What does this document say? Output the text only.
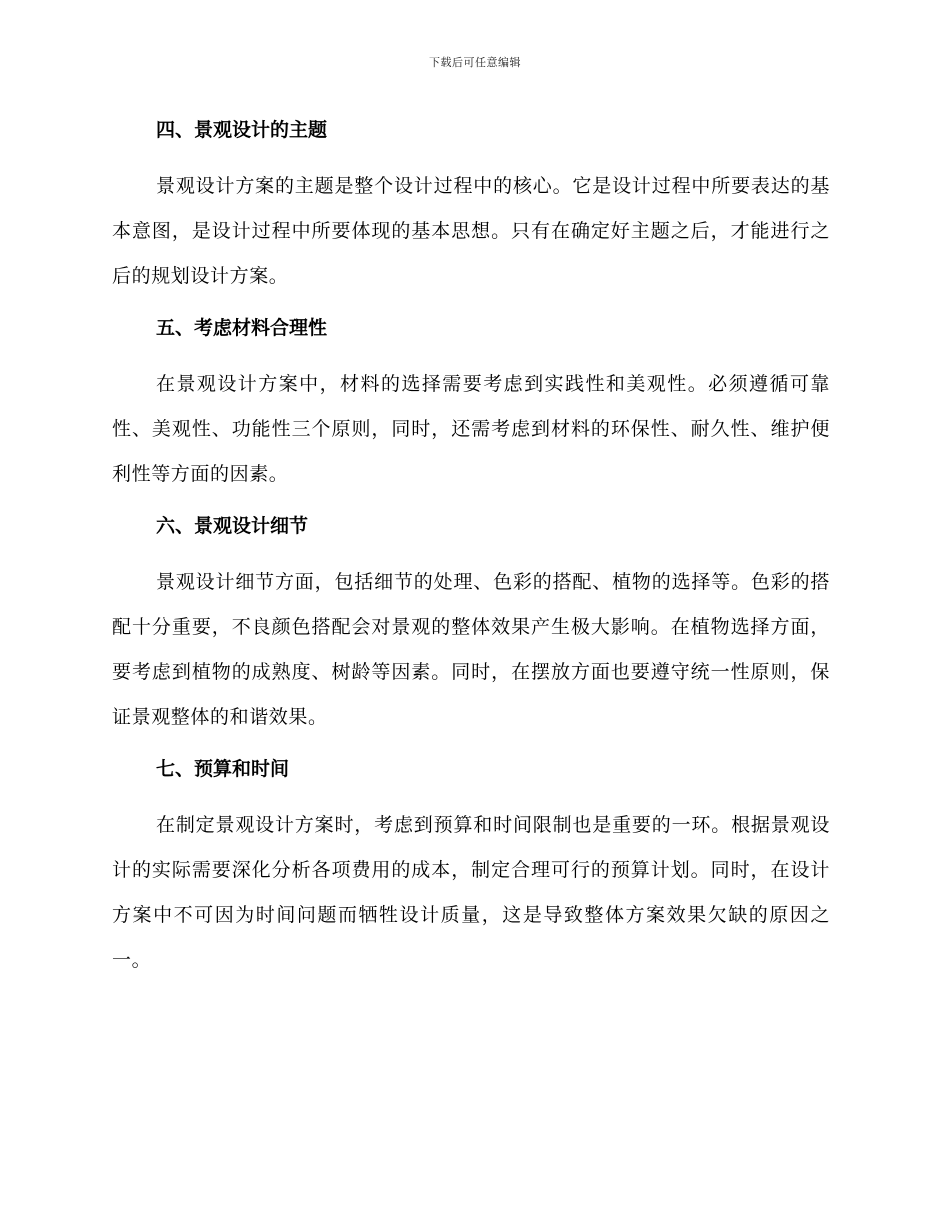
下载后可任意编辑
四、景观设计的主题

景观设计方案的主题是整个设计过程中的核心。它是设计过程中所要表达的基本意图，是设计过程中所要体现的基本思想。只有在确定好主题之后，才能进行之后的规划设计方案。

五、考虑材料合理性

在景观设计方案中，材料的选择需要考虑到实践性和美观性。必须遵循可靠性、美观性、功能性三个原则，同时，还需考虑到材料的环保性、耐久性、维护便利性等方面的因素。

六、景观设计细节

景观设计细节方面，包括细节的处理、色彩的搭配、植物的选择等。色彩的搭配十分重要，不良颜色搭配会对景观的整体效果产生极大影响。在植物选择方面，要考虑到植物的成熟度、树龄等因素。同时，在摆放方面也要遵守统一性原则，保证景观整体的和谐效果。

七、预算和时间

在制定景观设计方案时，考虑到预算和时间限制也是重要的一环。根据景观设计的实际需要深化分析各项费用的成本，制定合理可行的预算计划。同时，在设计方案中不可因为时间问题而牺牲设计质量，这是导致整体方案效果欠缺的原因之一。
